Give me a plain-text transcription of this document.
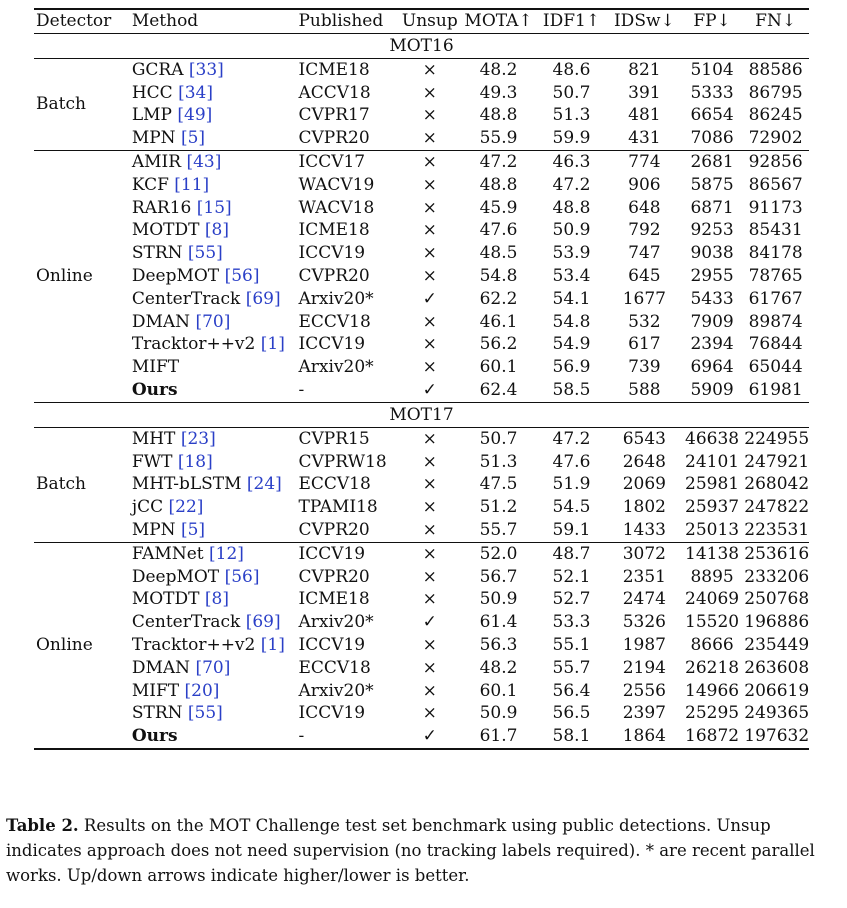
Detector	Method	Published	Unsup	MOTA↑	IDF1↑	IDSw↓	FP↓	FN↓
MOT16								
Batch	GCRA [33]	ICME18	×	48.2	48.6	821	5104	88586
	HCC [34]	ACCV18	×	49.3	50.7	391	5333	86795
	LMP [49]	CVPR17	×	48.8	51.3	481	6654	86245
	MPN [5]	CVPR20	×	55.9	59.9	431	7086	72902
Online	AMIR [43]	ICCV17	×	47.2	46.3	774	2681	92856
	KCF [11]	WACV19	×	48.8	47.2	906	5875	86567
	RAR16 [15]	WACV18	×	45.9	48.8	648	6871	91173
	MOTDT [8]	ICME18	×	47.6	50.9	792	9253	85431
	STRN [55]	ICCV19	×	48.5	53.9	747	9038	84178
	DeepMOT [56]	CVPR20	×	54.8	53.4	645	2955	78765
	CenterTrack [69]	Arxiv20*	✓	62.2	54.1	1677	5433	61767
	DMAN [70]	ECCV18	×	46.1	54.8	532	7909	89874
	Tracktor++v2 [1]	ICCV19	×	56.2	54.9	617	2394	76844
	MIFT	Arxiv20*	×	60.1	56.9	739	6964	65044
	Ours	-	✓	62.4	58.5	588	5909	61981
MOT17								
Batch	MHT [23]	CVPR15	×	50.7	47.2	6543	46638	224955
	FWT [18]	CVPRW18	×	51.3	47.6	2648	24101	247921
	MHT-bLSTM [24]	ECCV18	×	47.5	51.9	2069	25981	268042
	jCC [22]	TPAMI18	×	51.2	54.5	1802	25937	247822
	MPN [5]	CVPR20	×	55.7	59.1	1433	25013	223531
Online	FAMNet [12]	ICCV19	×	52.0	48.7	3072	14138	253616
	DeepMOT [56]	CVPR20	×	56.7	52.1	2351	8895	233206
	MOTDT [8]	ICME18	×	50.9	52.7	2474	24069	250768
	CenterTrack [69]	Arxiv20*	✓	61.4	53.3	5326	15520	196886
	Tracktor++v2 [1]	ICCV19	×	56.3	55.1	1987	8666	235449
	DMAN [70]	ECCV18	×	48.2	55.7	2194	26218	263608
	MIFT [20]	Arxiv20*	×	60.1	56.4	2556	14966	206619
	STRN [55]	ICCV19	×	50.9	56.5	2397	25295	249365
	Ours	-	✓	61.7	58.1	1864	16872	197632
Table 2. Results on the MOT Challenge test set benchmark using public detections. Unsup indicates approach does not need supervision (no tracking labels required). * are recent parallel works. Up/down arrows indicate higher/lower is better.
